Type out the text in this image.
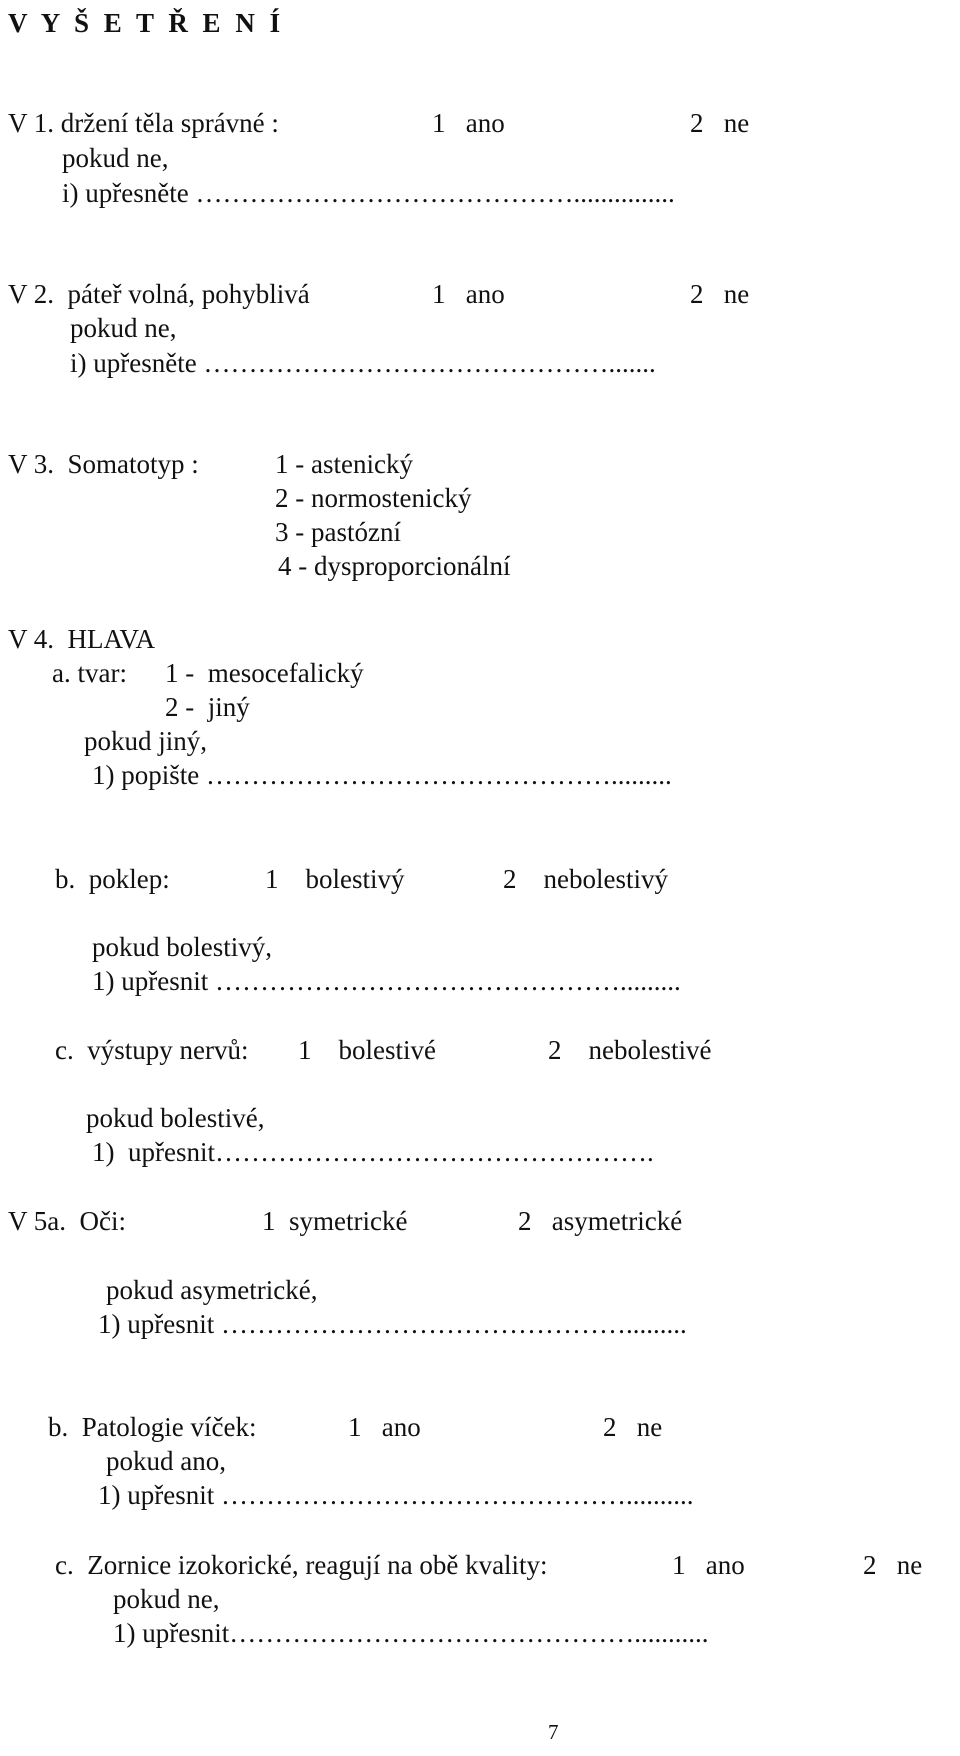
V Y Š E T Ř E N Í
V 1. držení těla správné :	1   ano	2   ne
pokud ne,
i) upřesněte ……………………………………...............
V 2.  páteř volná, pohyblivá	1   ano	2   ne
pokud ne,
i) upřesněte ……………………………………….......
V 3.  Somatotyp :	1 - astenický
2 - normostenický
3 - pastózní
4 - dysproporcionální
V 4.  HLAVA
a. tvar: 1 -  mesocefalický
2 -  jiný
pokud jiný,
1) popište ……………………………………….........
b.  poklep:	1    bolestivý	2    nebolestivý
pokud bolestivý,
1) upřesnit ……………………………………….........
c.  výstupy nervů: 1    bolestivé	2    nebolestivé
pokud bolestivé,
1)  upřesnit………………………………………….
V 5a.  Oči:	1  symetrické	2   asymetrické
pokud asymetrické,
1) upřesnit ……………………………………….........
b.  Patologie víček:	1   ano	2   ne
pokud ano,
1) upřesnit ………………………………………..........
c.  Zornice izokorické, reagují na obě kvality:	1   ano	2   ne
pokud ne,
1) upřesnit………………………………………...........
7
